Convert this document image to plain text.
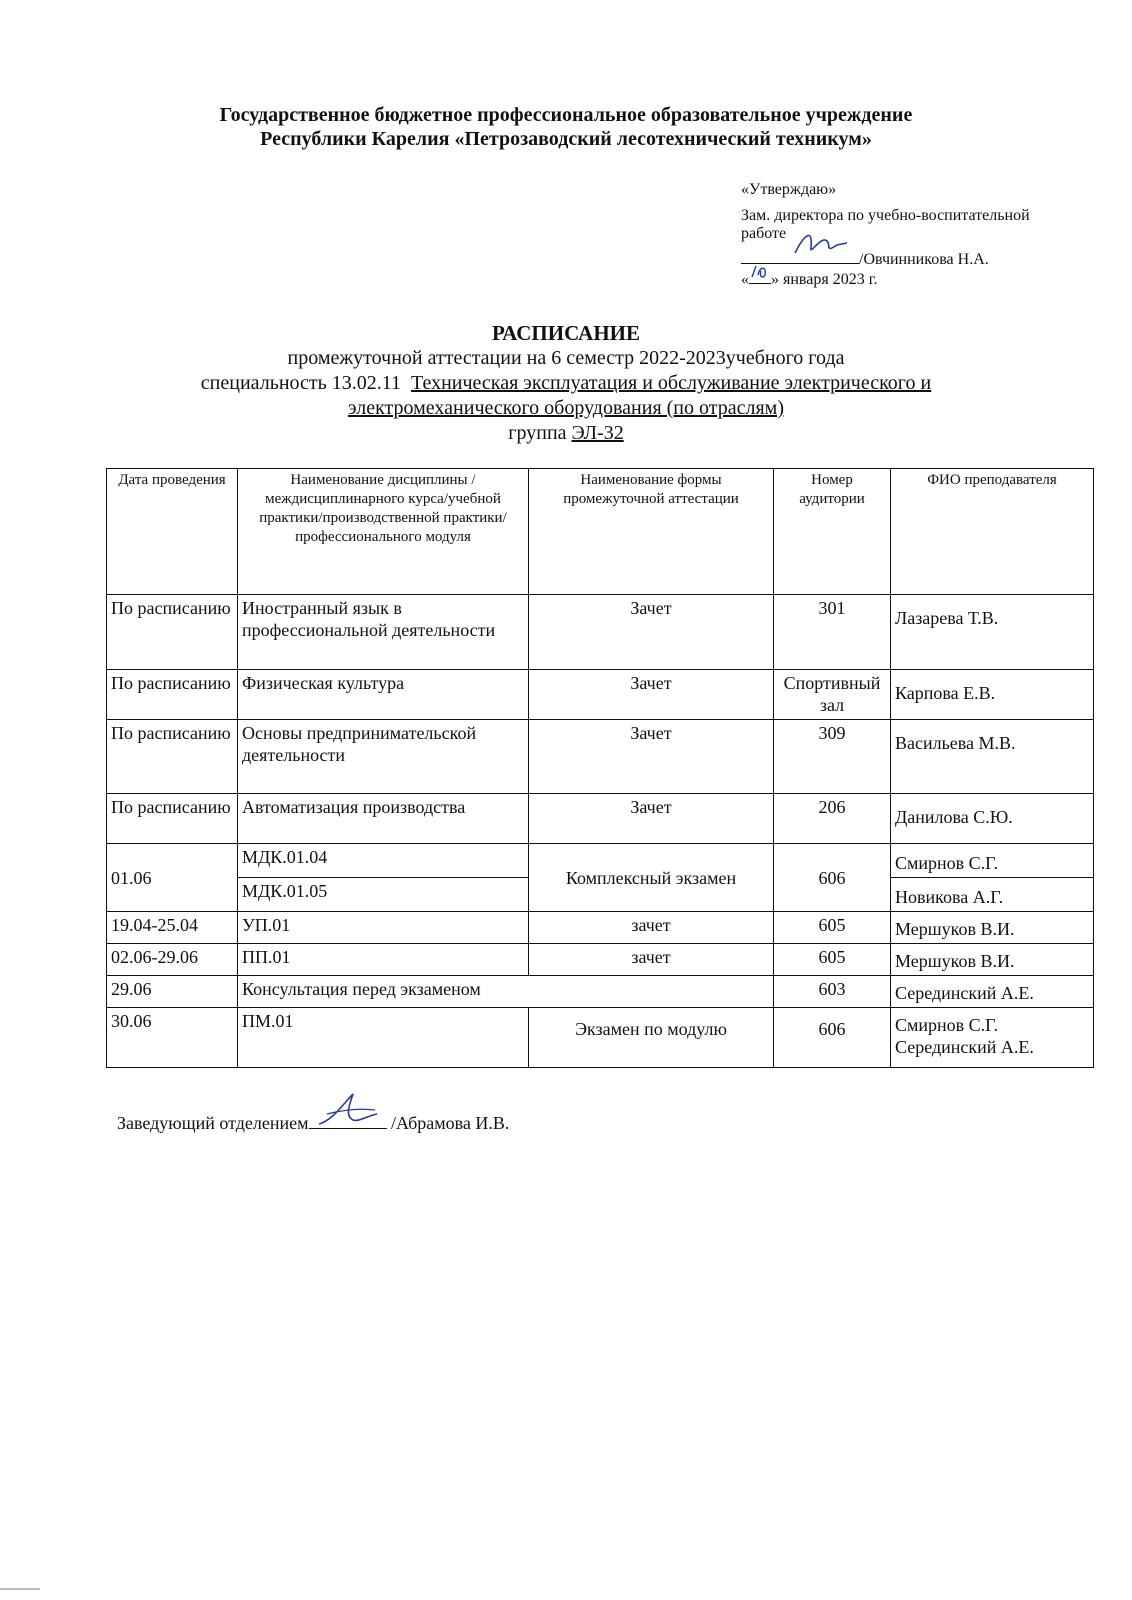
Государственное бюджетное профессиональное образовательное учреждение
Республики Карелия «Петрозаводский лесотехнический техникум»
«Утверждаю»
Зам. директора по учебно-воспитательной
работе
/Овчинникова Н.А.
« » января 2023 г.
РАСПИСАНИЕ
промежуточной аттестации на 6 семестр 2022-2023учебного года
специальность 13.02.11 Техническая эксплуатация и обслуживание электрического и
электромеханического оборудования (по отраслям)
группа ЭЛ-32
Дата проведения	Наименование дисциплины /междисциплинарного курса/учебной практики/производственной практики/профессионального модуля	Наименование формы промежуточной аттестации	Номер аудитории	ФИО преподавателя
По расписанию	Иностранный язык в профессиональной деятельности	Зачет	301	Лазарева Т.В.
По расписанию	Физическая культура	Зачет	Спортивный зал	Карпова Е.В.
По расписанию	Основы предпринимательской деятельности	Зачет	309	Васильева М.В.
По расписанию	Автоматизация производства	Зачет	206	Данилова С.Ю.
01.06	МДК.01.04	Комплексный экзамен	606	Смирнов С.Г.
	МДК.01.05			Новикова А.Г.
19.04-25.04	УП.01	зачет	605	Мершуков В.И.
02.06-29.06	ПП.01	зачет	605	Мершуков В.И.
29.06	Консультация перед экзаменом		603	Серединский А.Е.
30.06	ПМ.01	Экзамен по модулю	606	Смирнов С.Г.
Серединский А.Е.
Заведующий отделением	/Абрамова И.В.
